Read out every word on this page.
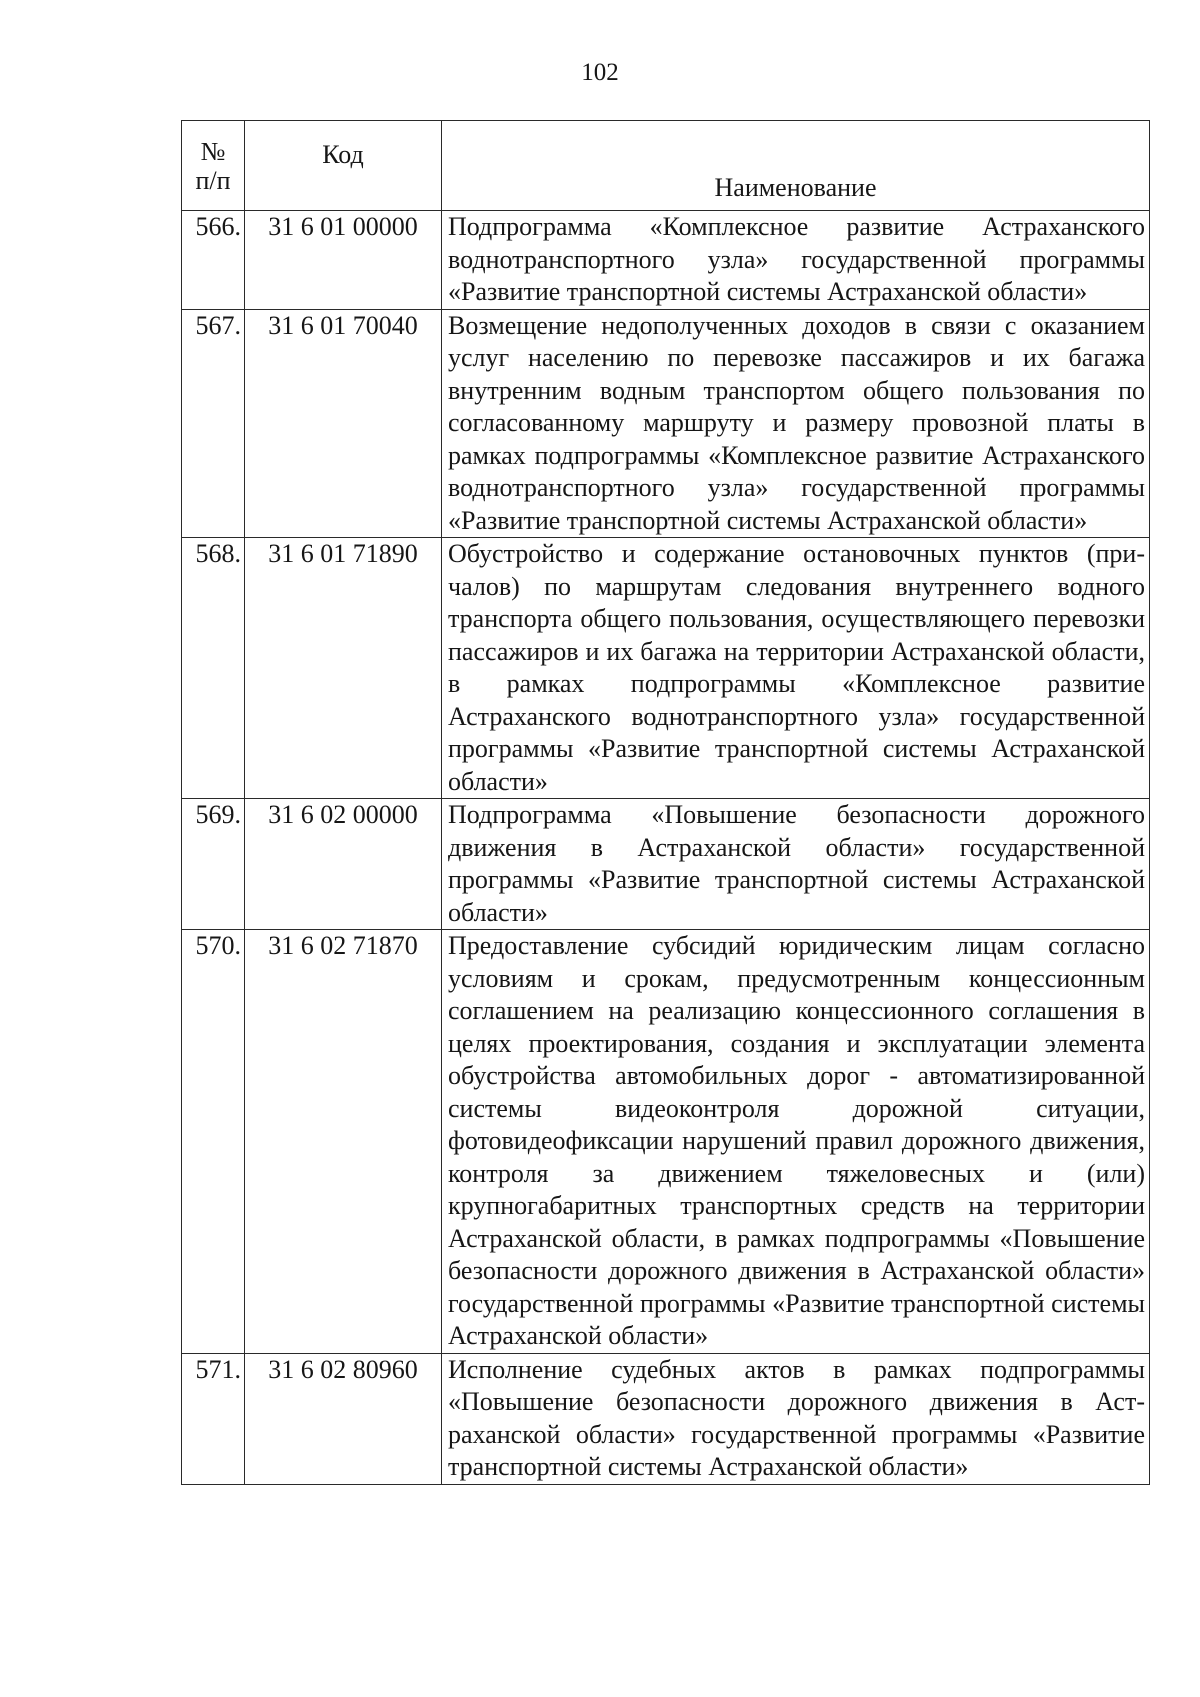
102
№
п/п	Код	Наименование
566.	31 6 01 00000	Подпрограмма «Комплексное развитие Астраханского воднотранспортного узла» государственной программы «Развитие транспортной системы Астраханской области»
567.	31 6 01 70040	Возмещение недополученных доходов в связи с оказанием услуг населению по перевозке пассажиров и их багажа внутренним водным транспортом общего пользования по согласованному маршруту и размеру провозной платы в рамках подпрограммы «Комплексное развитие Астраханского воднотранспортного узла» государственной программы «Развитие транспортной системы Астраханской области»
568.	31 6 01 71890	Обустройство и содержание остановочных пунктов (причалов) по маршрутам следования внутреннего водного транспорта общего пользования, осуществляющего перевозки пассажиров и их багажа на территории Астраханской области, в рамках подпрограммы «Комплексное развитие Астраханского воднотранспортного узла» государственной программы «Развитие транспортной системы Астраханской области»
569.	31 6 02 00000	Подпрограмма «Повышение безопасности дорожного движения в Астраханской области» государственной программы «Развитие транспортной системы Астраханской области»
570.	31 6 02 71870	Предоставление субсидий юридическим лицам согласно условиям и срокам, предусмотренным концессионным соглашением на реализацию концессионного соглашения в целях проектирования, создания и эксплуатации элемента обустройства автомобильных дорог - автоматизированной системы видеоконтроля дорожной ситуации, фотовидеофиксации нарушений правил дорожного движения, контроля за движением тяжеловесных и (или) крупногабаритных транспортных средств на территории Астраханской области, в рамках подпрограммы «Повышение безопасности дорожного движения в Астраханской области» государственной программы «Развитие транспортной системы Астраханской области»
571.	31 6 02 80960	Исполнение судебных актов в рамках подпрограммы «Повышение безопасности дорожного движения в Астраханской области» государственной программы «Развитие транспортной системы Астраханской области»
